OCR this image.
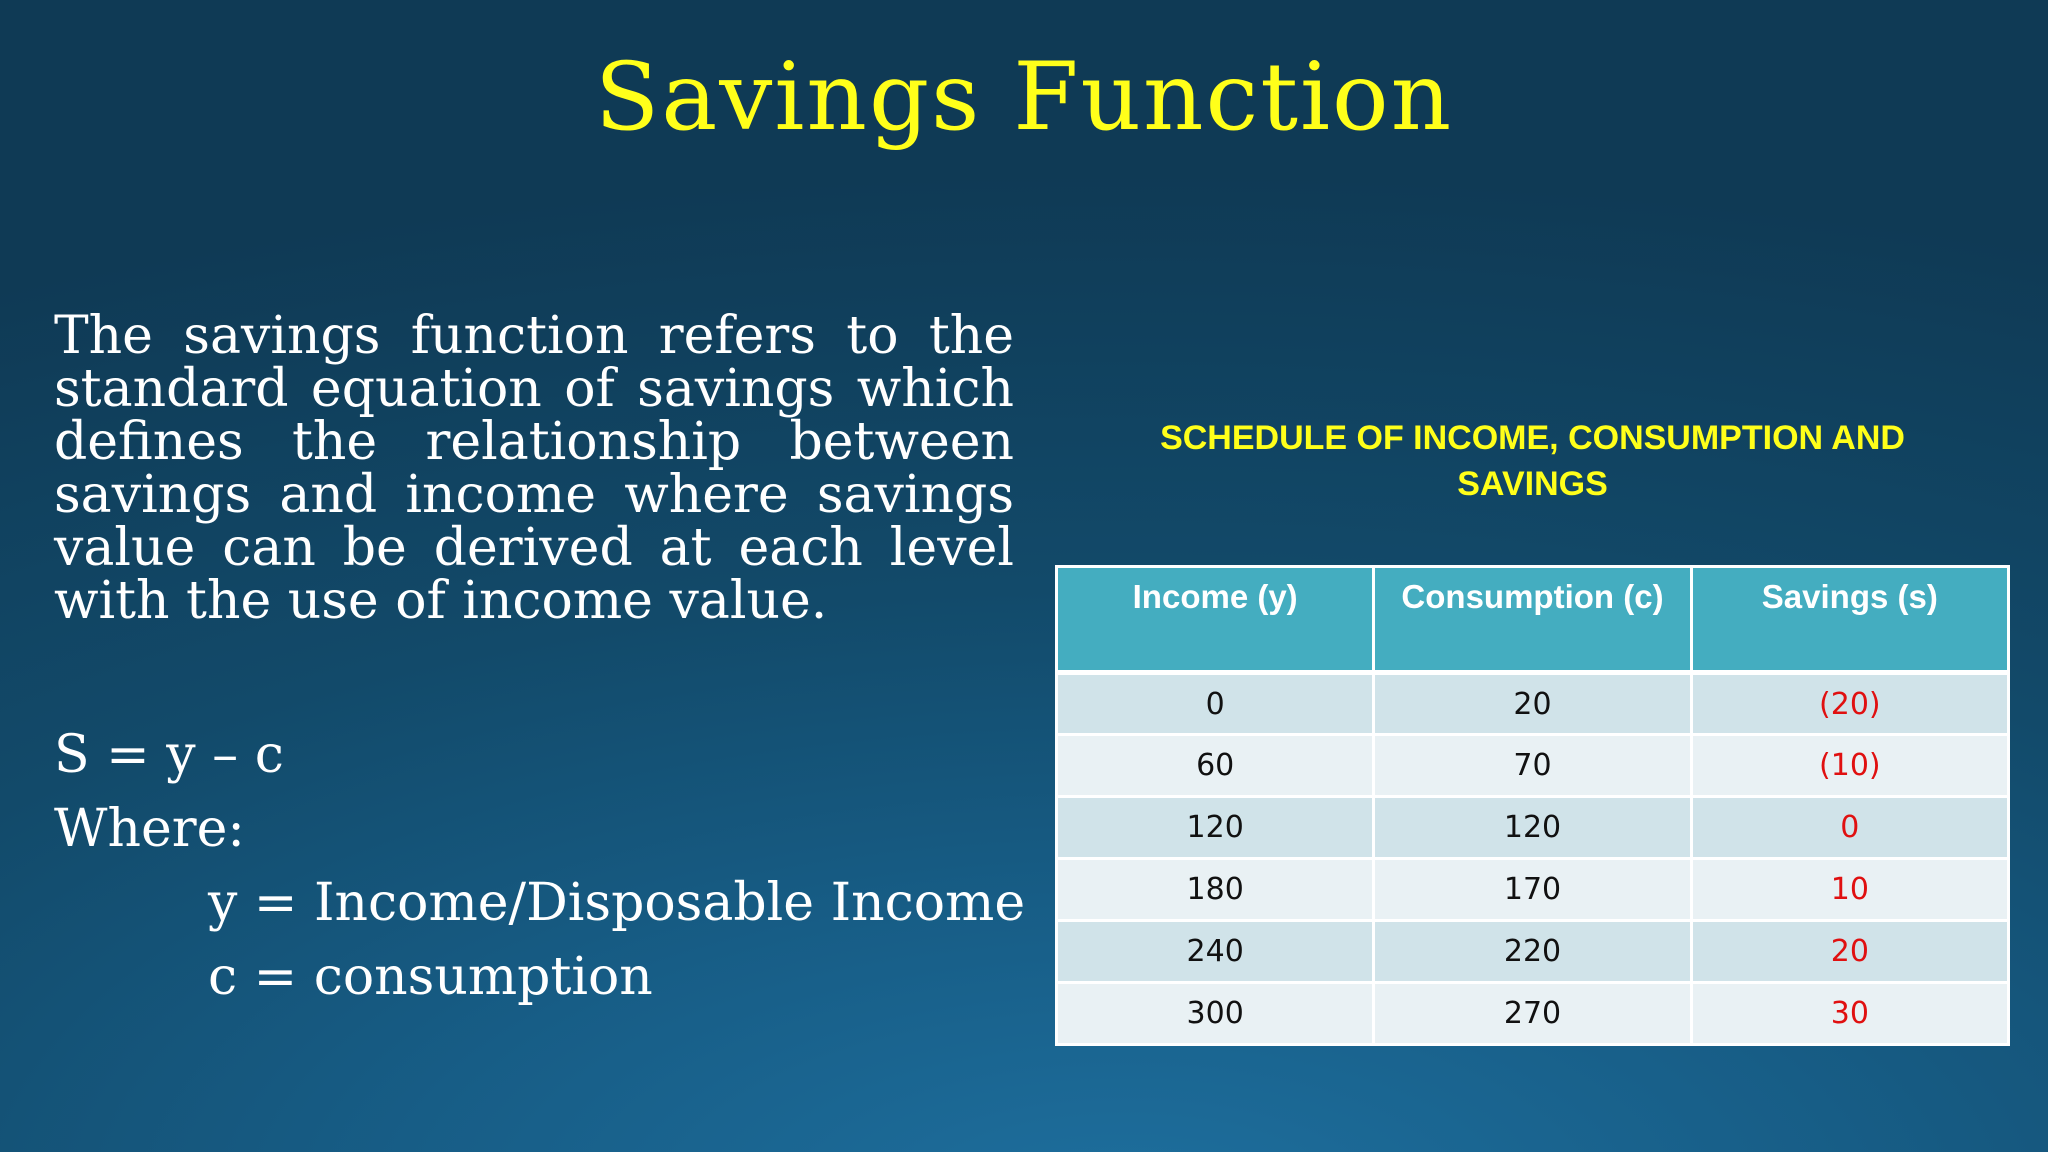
Savings Function
The savings function refers to the standard equation of savings which defines the relationship between savings and income where savings value can be derived at each level with the use of income value.
S = y – c
Where:
y = Income/Disposable Income
c = consumption
SCHEDULE OF INCOME, CONSUMPTION AND
SAVINGS
Income (y)	Consumption (c)	Savings (s)
0	20	(20)
60	70	(10)
120	120	0
180	170	10
240	220	20
300	270	30
